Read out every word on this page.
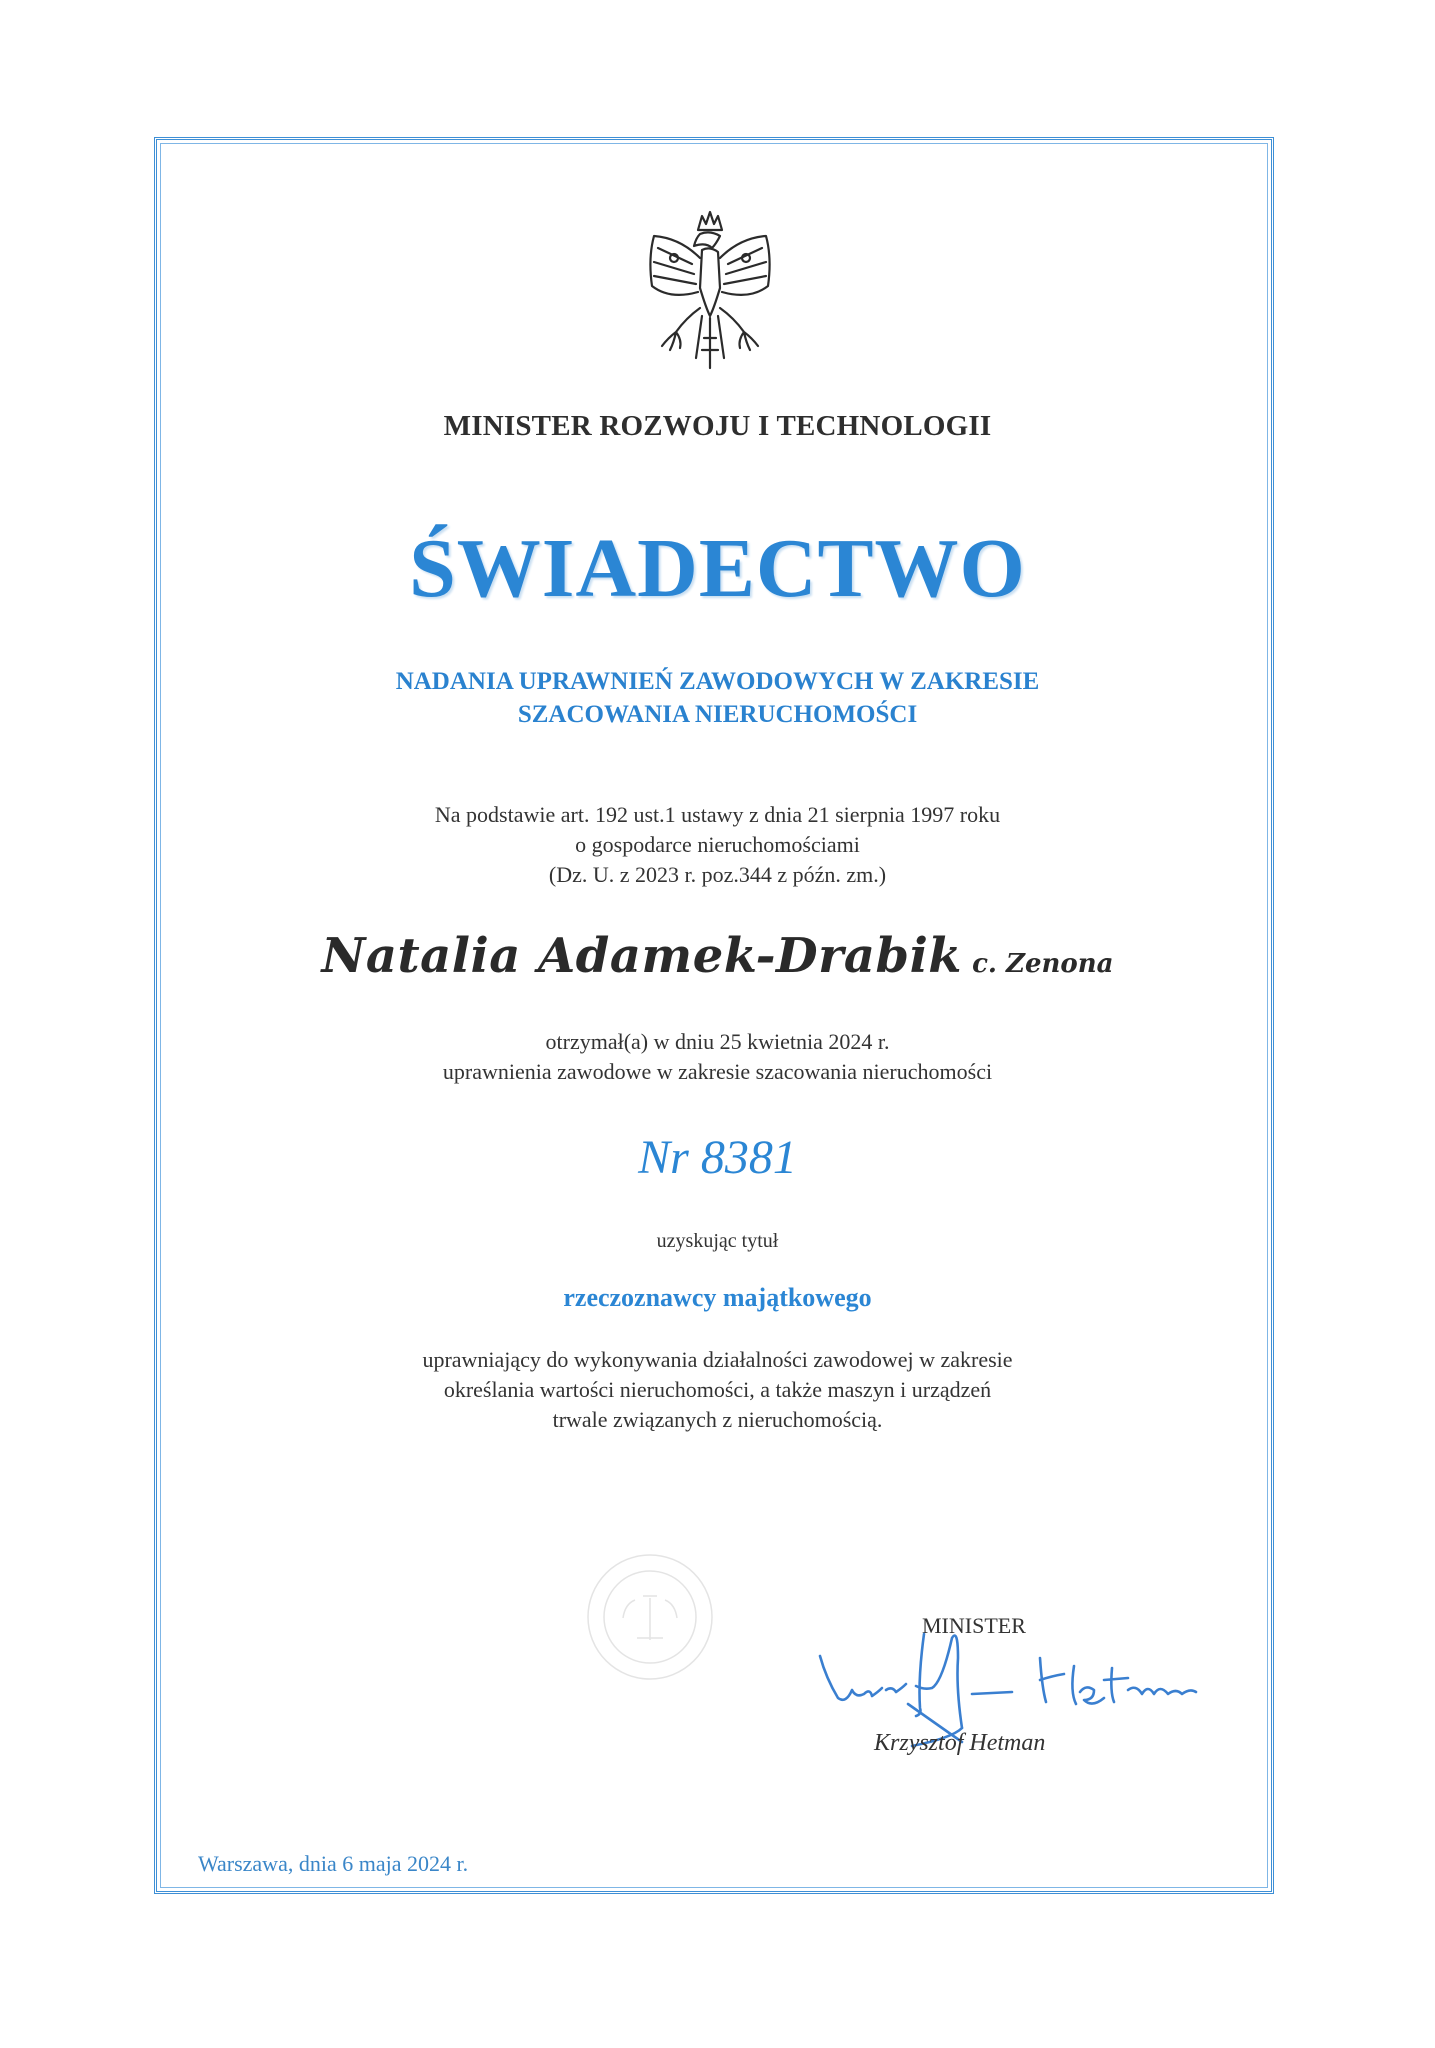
MINISTER ROZWOJU I TECHNOLOGII
ŚWIADECTWO
NADANIA UPRAWNIEŃ ZAWODOWYCH W ZAKRESIE
SZACOWANIA NIERUCHOMOŚCI
Na podstawie art. 192 ust.1 ustawy z dnia 21 sierpnia 1997 roku
o gospodarce nieruchomościami
(Dz. U. z 2023 r. poz.344 z późn. zm.)
Natalia Adamek-Drabik c. Zenona
otrzymał(a) w dniu 25 kwietnia 2024 r.
uprawnienia zawodowe w zakresie szacowania nieruchomości
Nr 8381
uzyskując tytuł
rzeczoznawcy majątkowego
uprawniający do wykonywania działalności zawodowej w zakresie
określania wartości nieruchomości, a także maszyn i urządzeń
trwale związanych z nieruchomością.
MINISTER
Krzysztof Hetman
Warszawa, dnia 6 maja 2024 r.
